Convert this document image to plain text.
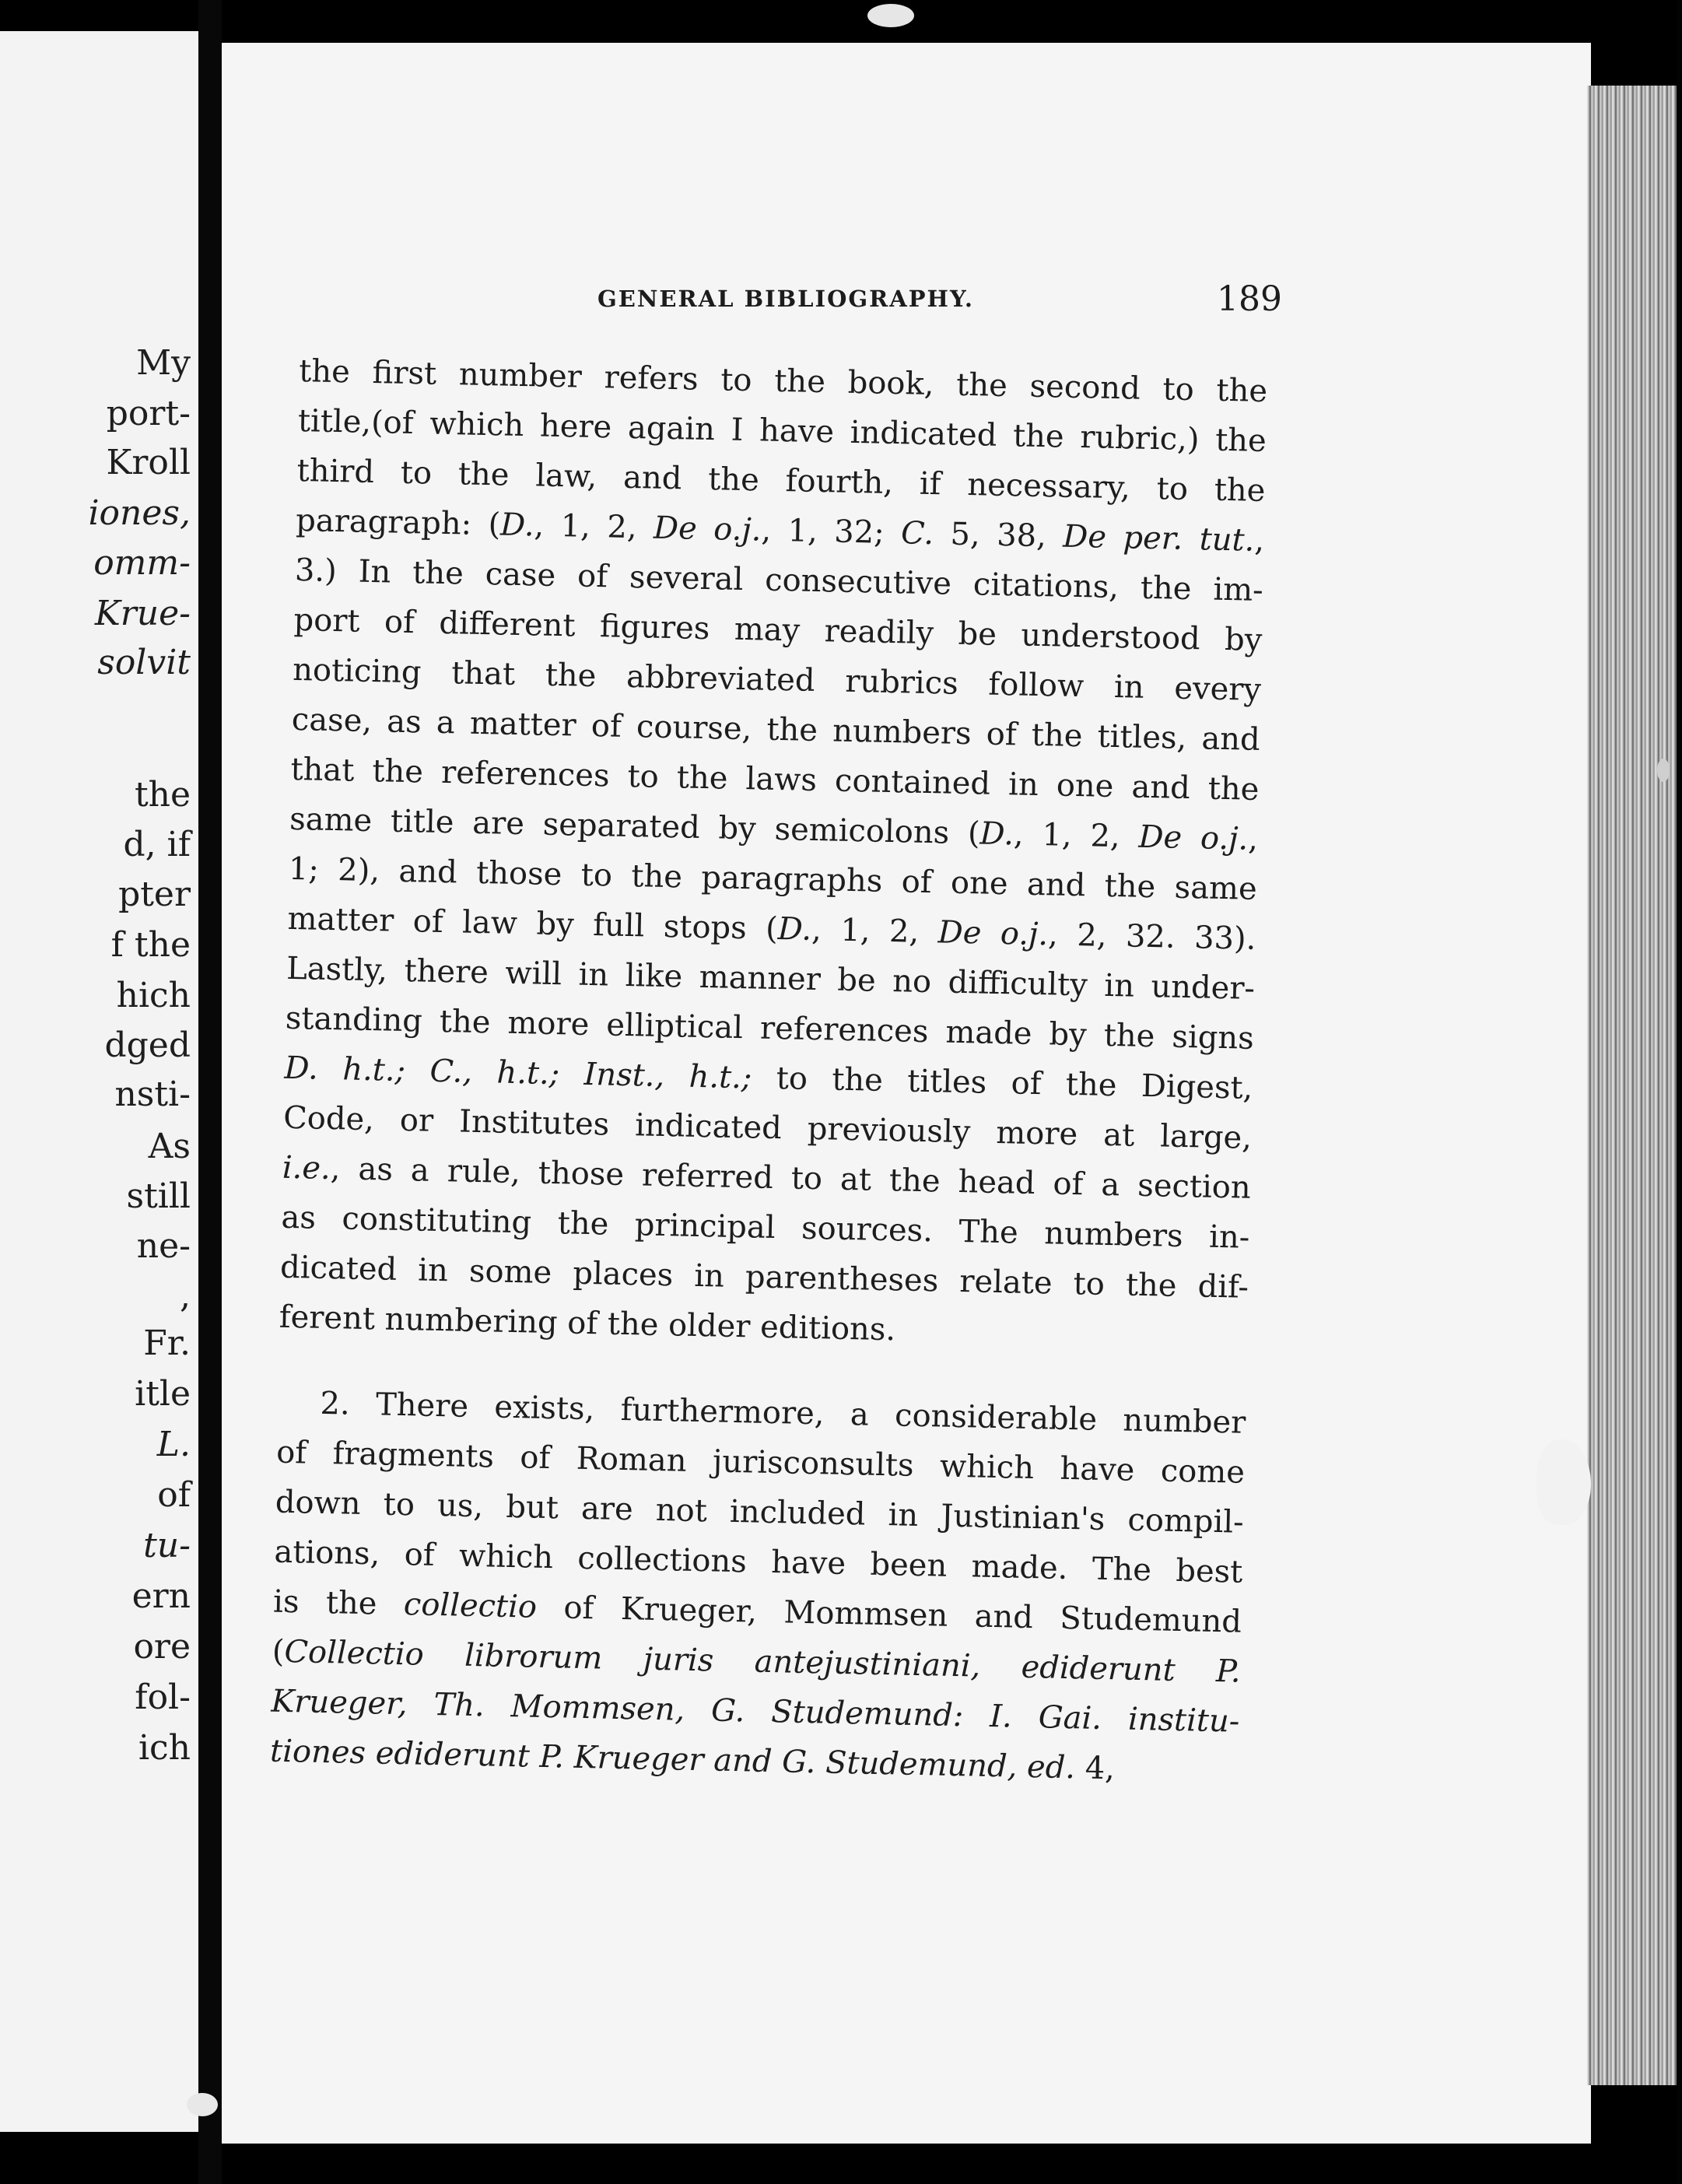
My
port-
Kroll
iones,
omm-
Krue-
solvit
the
d, if
pter
f the
hich
dged
nsti-
As
still
ne-
,
Fr.
itle
L.
of
tu-
ern
ore
fol-
ich
GENERAL BIBLIOGRAPHY.	189
the first number refers to the book, the second to the
title,(of which here again I have indicated the rubric,) the
third to the law, and the fourth, if necessary, to the
paragraph: (D., 1, 2, De o.j., 1, 32; C. 5, 38, De per. tut.,
3.) In the case of several consecutive citations, the im-
port of different figures may readily be understood by
noticing that the abbreviated rubrics follow in every
case, as a matter of course, the numbers of the titles, and
that the references to the laws contained in one and the
same title are separated by semicolons (D., 1, 2, De o.j.,
1; 2), and those to the paragraphs of one and the same
matter of law by full stops (D., 1, 2, De o.j., 2, 32. 33).
Lastly, there will in like manner be no difficulty in under-
standing the more elliptical references made by the signs
D. h.t.; C., h.t.; Inst., h.t.; to the titles of the Digest,
Code, or Institutes indicated previously more at large,
i.e., as a rule, those referred to at the head of a section
as constituting the principal sources. The numbers in-
dicated in some places in parentheses relate to the dif-
ferent numbering of the older editions.
2. There exists, furthermore, a considerable number
of fragments of Roman jurisconsults which have come
down to us, but are not included in Justinian's compil-
ations, of which collections have been made. The best
is the collectio of Krueger, Mommsen and Studemund
(Collectio librorum juris antejustiniani, ediderunt P.
Krueger, Th. Mommsen, G. Studemund: I. Gai. institu-
tiones ediderunt P. Krueger and G. Studemund, ed. 4,
